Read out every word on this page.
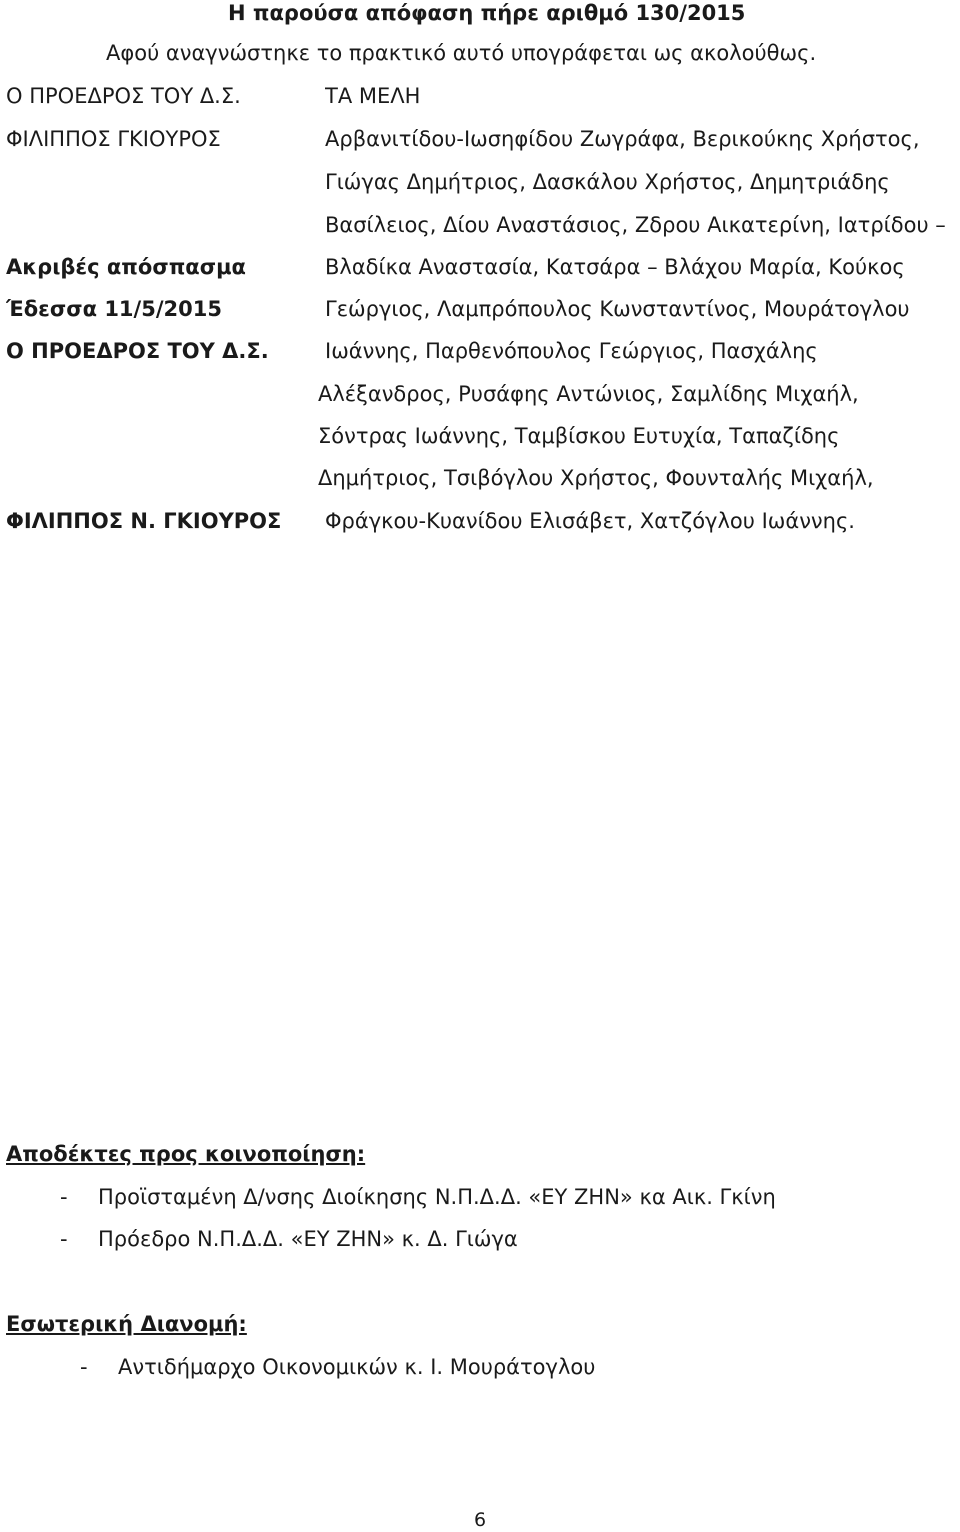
Η παρούσα απόφαση πήρε αριθμό 130/2015
Αφού αναγνώστηκε το πρακτικό αυτό υπογράφεται ως ακολούθως.
Ο ΠΡΟΕΔΡΟΣ ΤΟΥ Δ.Σ.
ΦΙΛΙΠΠΟΣ ΓΚΙΟΥΡΟΣ
ΤΑ ΜΕΛΗ
Αρβανιτίδου-Ιωσηφίδου Ζωγράφα, Βερικούκης Χρήστος,
Γιώγας Δημήτριος, Δασκάλου Χρήστος, Δημητριάδης
Βασίλειος, Δίου Αναστάσιος, Ζδρου Αικατερίνη, Ιατρίδου –
Βλαδίκα Αναστασία, Κατσάρα – Βλάχου Μαρία, Κούκος
Γεώργιος, Λαμπρόπουλος Κωνσταντίνος, Μουράτογλου
Ιωάννης, Παρθενόπουλος Γεώργιος, Πασχάλης
Αλέξανδρος, Ρυσάφης Αντώνιος, Σαμλίδης Μιχαήλ,
Σόντρας Ιωάννης, Ταμβίσκου Ευτυχία, Ταπαζίδης
Δημήτριος, Τσιβόγλου Χρήστος, Φουνταλής Μιχαήλ,
Φράγκου-Κυανίδου Ελισάβετ, Χατζόγλου Ιωάννης.
Ακριβές απόσπασμα
Έδεσσα 11/5/2015
Ο ΠΡΟΕΔΡΟΣ ΤΟΥ Δ.Σ.
ΦΙΛΙΠΠΟΣ Ν. ΓΚΙΟΥΡΟΣ
Αποδέκτες προς κοινοποίηση:
-	Προϊσταμένη Δ/νσης Διοίκησης Ν.Π.Δ.Δ. «ΕΥ ΖΗΝ» κα Αικ. Γκίνη
-	Πρόεδρο Ν.Π.Δ.Δ. «ΕΥ ΖΗΝ» κ. Δ. Γιώγα
Εσωτερική Διανομή:
-	Αντιδήμαρχο Οικονομικών κ. Ι. Μουράτογλου
6
